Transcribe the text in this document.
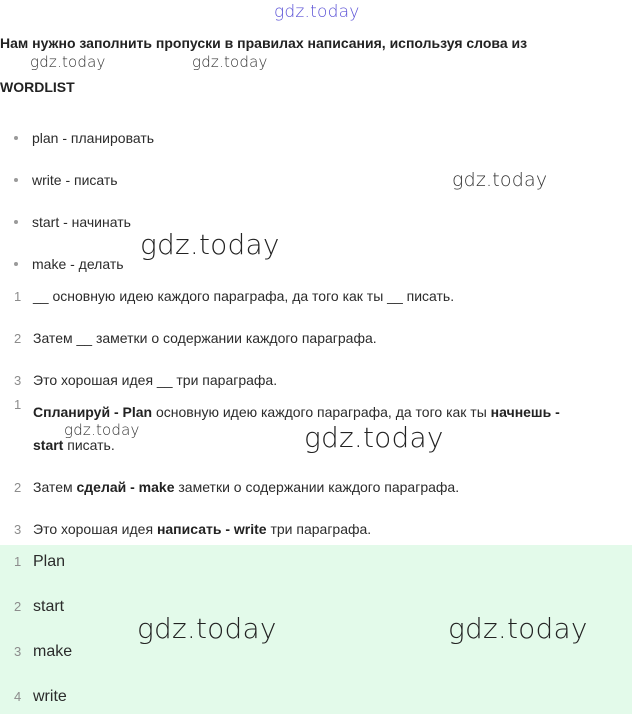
gdz.today
Нам нужно заполнить пропуски в правилах написания, используя слова из
gdz.today	gdz.today
WORDLIST
plan - планировать
write - писать
start - начинать
make - делать
gdz.today
gdz.today
1 __ основную идею каждого параграфа, да того как ты __ писать.
2 Затем __ заметки о содержании каждого параграфа.
3 Это хорошая идея __ три параграфа.
1 Спланируй - Plan основную идею каждого параграфа, да того как ты начнешь - start писать.
gdz.today	gdz.today
2 Затем сделай - make заметки о содержании каждого параграфа.
3 Это хорошая идея написать - write три параграфа.
1 Plan
2 start
3 make
4 write
gdz.today	gdz.today
